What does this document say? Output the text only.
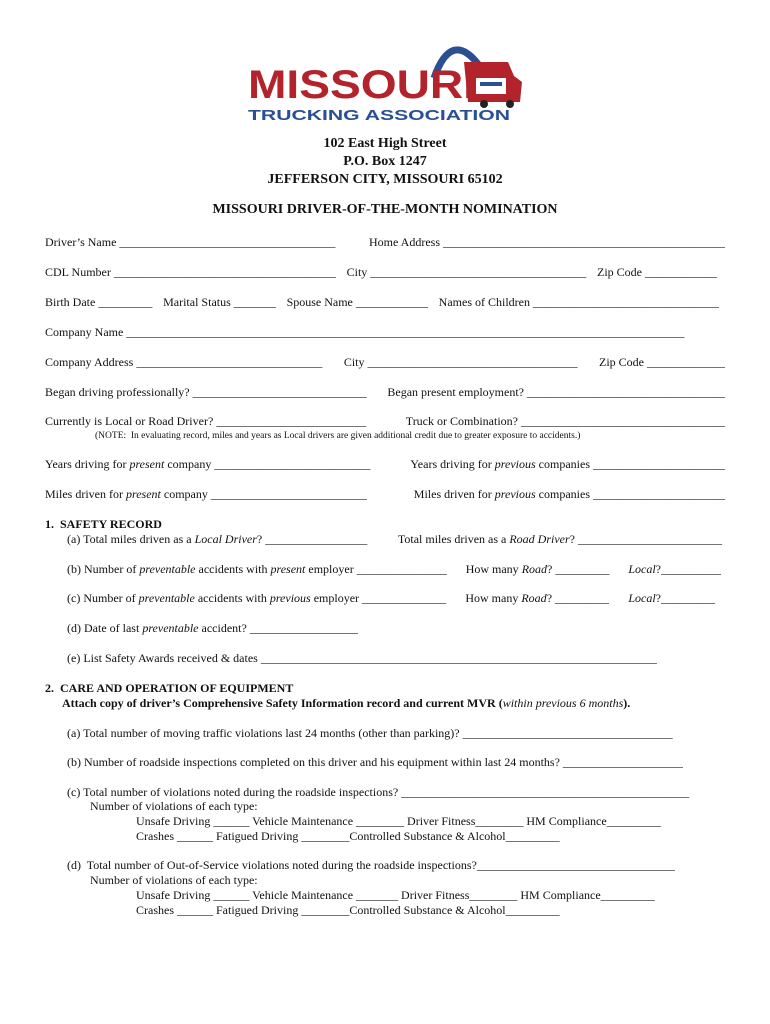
MISSOURI
TRUCKING ASSOCIATION
102 East High Street
P.O. Box 1247
JEFFERSON CITY, MISSOURI 65102
MISSOURI DRIVER-OF-THE-MONTH NOMINATION
Driver’s Name ____________________________________	Home Address _______________________________________________
CDL Number _____________________________________ City ____________________________________ Zip Code ____________
Birth Date _________ Marital Status _______ Spouse Name ____________ Names of Children _______________________________
Company Name _____________________________________________________________________________________________
Company Address _______________________________ City ___________________________________ Zip Code _____________
Began driving professionally? _____________________________ Began present employment? _________________________________
Currently is Local or Road Driver? _________________________	Truck or Combination? __________________________________
(NOTE:  In evaluating record, miles and years as Local drivers are given additional credit due to greater exposure to accidents.)
Years driving for present company __________________________	Years driving for previous companies ______________________
Miles driven for present company __________________________	Miles driven for previous companies ______________________
1.  SAFETY RECORD
(a) Total miles driven as a Local Driver? _________________	Total miles driven as a Road Driver? ________________________
(b) Number of preventable accidents with present employer _______________ How many Road? _________ Local?__________
(c) Number of preventable accidents with previous employer ______________ How many Road? _________ Local?_________
(d) Date of last preventable accident? __________________
(e) List Safety Awards received & dates __________________________________________________________________
2.  CARE AND OPERATION OF EQUIPMENT
Attach copy of driver’s Comprehensive Safety Information record and current MVR (within previous 6 months).
(a) Total number of moving traffic violations last 24 months (other than parking)? ___________________________________
(b) Number of roadside inspections completed on this driver and his equipment within last 24 months? ____________________
(c) Total number of violations noted during the roadside inspections? ________________________________________________
Number of violations of each type:
Unsafe Driving ______ Vehicle Maintenance ________ Driver Fitness________ HM Compliance_________
Crashes ______ Fatigued Driving ________Controlled Substance & Alcohol_________
(d)  Total number of Out-of-Service violations noted during the roadside inspections?_________________________________
Number of violations of each type:
Unsafe Driving ______ Vehicle Maintenance _______ Driver Fitness________ HM Compliance_________
Crashes ______ Fatigued Driving ________Controlled Substance & Alcohol_________
